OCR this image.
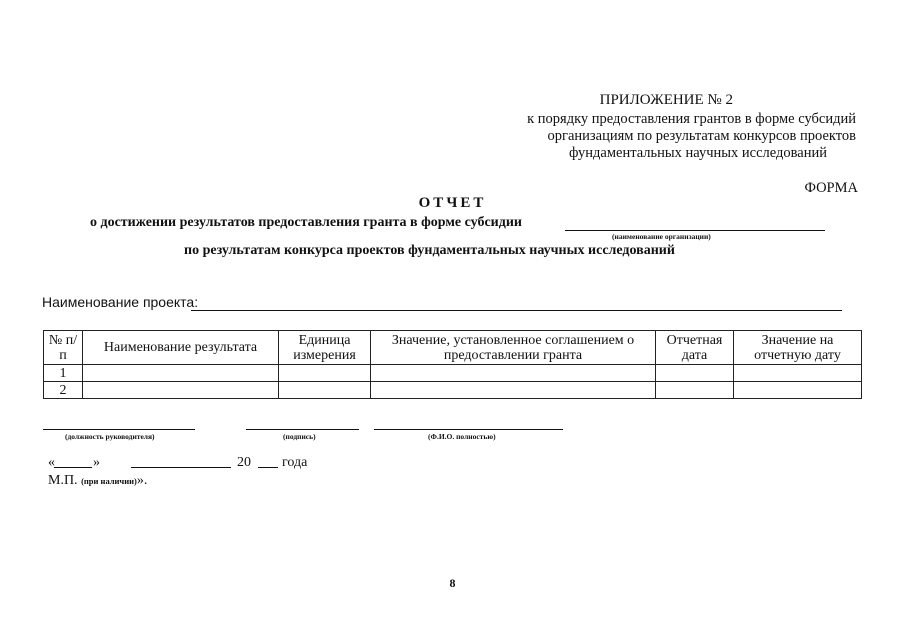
ПРИЛОЖЕНИЕ № 2
к порядку предоставления грантов в форме субсидий
организациям по результатам конкурсов проектов
фундаментальных научных исследований
ФОРМА
ОТЧЕТ
о достижении результатов предоставления гранта в форме субсидии
(наименование организации)
по результатам конкурса проектов фундаментальных научных исследований
Наименование проекта:
№ п/п	Наименование результата	Единица измерения	Значение, установленное соглашением о предоставлении гранта	Отчетная дата	Значение на отчетную дату
1					
2					
(должность руководителя)	(подпись)	(Ф.И.О. полностью)
«	»	20 года
М.П. (при наличии)».
8
